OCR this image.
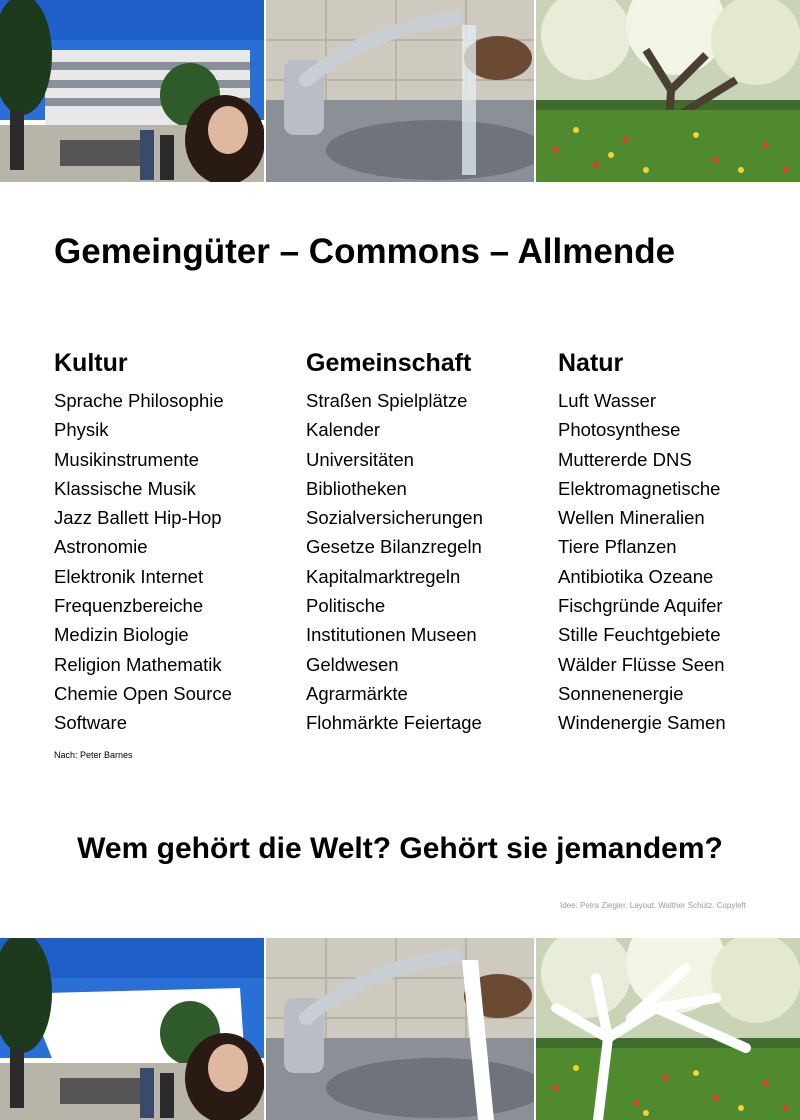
Gemeingüter – Commons – Allmende
Kultur
Sprache Philosophie
Physik
Musikinstrumente
Klassische Musik
Jazz Ballett Hip-Hop
Astronomie
Elektronik Internet
Frequenzbereiche
Medizin Biologie
Religion Mathematik
Chemie Open Source
Software
Gemeinschaft
Straßen Spielplätze
Kalender
Universitäten
Bibliotheken
Sozialversicherungen
Gesetze Bilanzregeln
Kapitalmarktregeln
Politische
Institutionen Museen
Geldwesen
Agrarmärkte
Flohmärkte Feiertage
Natur
Luft Wasser
Photosynthese
Muttererde DNS
Elektromagnetische
Wellen Mineralien
Tiere Pflanzen
Antibiotika Ozeane
Fischgründe Aquifer
Stille Feuchtgebiete
Wälder Flüsse Seen
Sonnenenergie
Windenergie Samen
Nach: Peter Barnes
Wem gehört die Welt? Gehört sie jemandem?
Idee: Petra Ziegler. Layout: Walther Schütz. Copyleft
